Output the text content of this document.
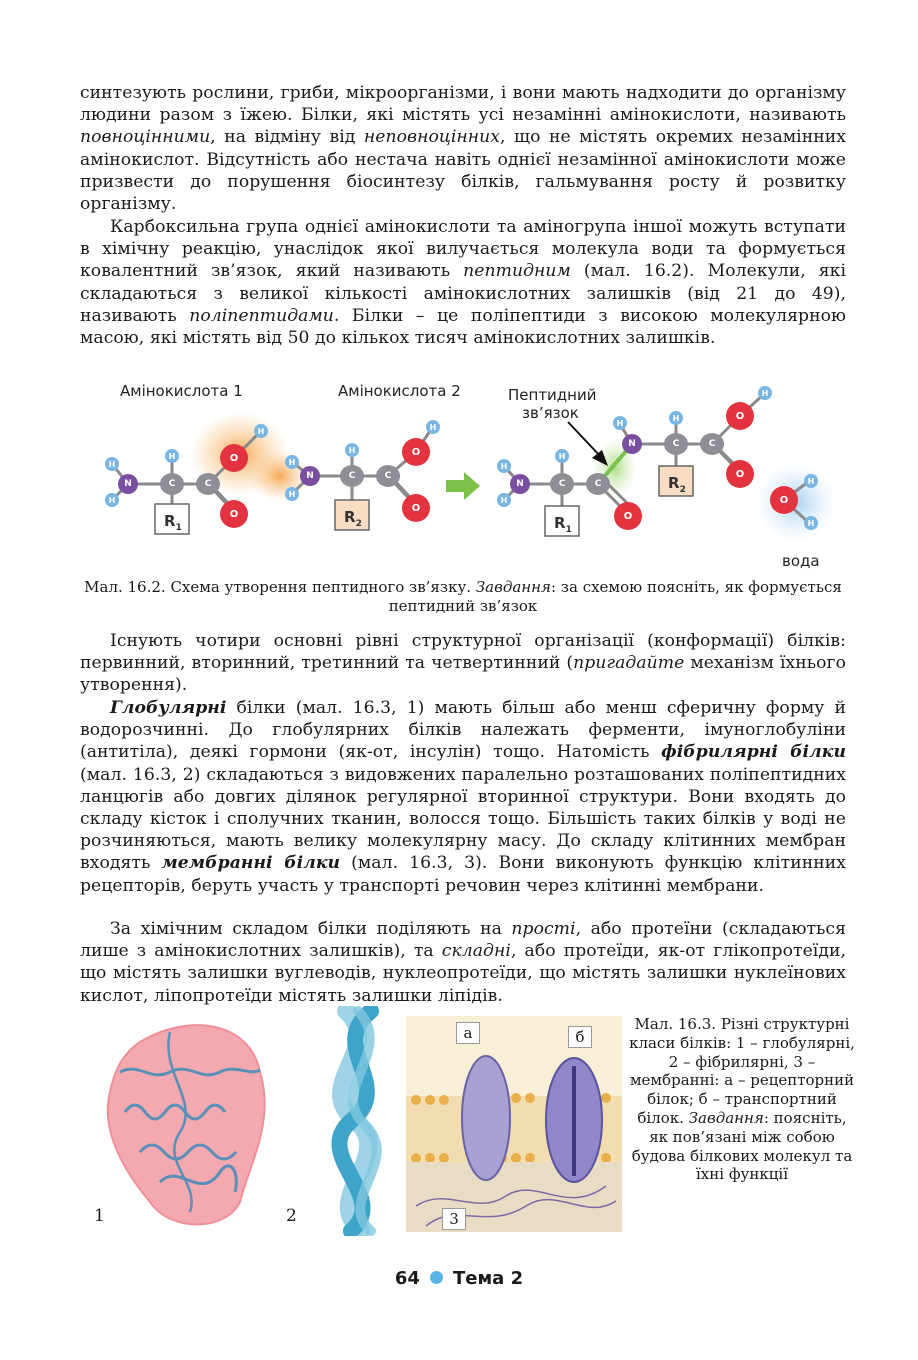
синтезують рослини, гриби, мікроорганізми, і вони мають надходити до організму людини разом з їжею. Білки, які містять усі незамінні амінокислоти, називають повноцінними, на відміну від неповноцінних, що не містять окремих незамінних амінокислот. Відсутність або нестача навіть однієї незамінної амінокислоти може призвести до порушення біосинтезу білків, гальмування росту й розвитку організму.

Карбоксильна група однієї амінокислоти та аміногрупа іншої можуть вступати в хімічну реакцію, унаслідок якої вилучається молекула води та формується ковалентний зв’язок, який називають пептидним (мал. 16.2). Молекули, які складаються з великої кількості амінокислотних залишків (від 21 до 49), називають поліпептидами. Білки – це поліпептиди з високою молекулярною масою, які містять від 50 до кількох тисяч амінокислотних залишків.

Амінокислота 1	Амінокислота 2	Пептидний
зв’язок
вода
$R_1$
$R_2$	$R_1$
$R_2$
H
H
N	C
H
C
O
O
H
H
H
N	C
H
C
O
O
H
H
H
N	C
H
C
O
N
H
C
H
C
O
O
H
O
H
H

Мал. 16.2. Схема утворення пептидного зв’язку. Завдання: за схемою поясніть, як формується пептидний зв’язок

Існують чотири основні рівні структурної організації (конформації) білків: первинний, вторинний, третинний та четвертинний (пригадайте механізм їхнього утворення).

Глобулярні білки (мал. 16.3, 1) мають більш або менш сферичну форму й водорозчинні. До глобулярних білків належать ферменти, імуноглобуліни (антитіла), деякі гормони (як-от, інсулін) тощо. Натомість фібрилярні білки (мал. 16.3, 2) складаються з видовжених паралельно розташованих поліпептидних ланцюгів або довгих ділянок регулярної вторинної структури. Вони входять до складу кісток і сполучних тканин, волосся тощо. Більшість таких білків у воді не розчиняються, мають велику молекулярну масу. До складу клітинних мембран входять мембранні білки (мал. 16.3, 3). Вони виконують функцію клітинних рецепторів, беруть участь у транспорті речовин через клітинні мембрани.

За хімічним складом білки поділяють на прості, або протеїни (складаються лише з амінокислотних залишків), та складні, або протеїди, як-от глікопротеїди, що містять залишки вуглеводів, нуклеопротеїди, що містять залишки нуклеїнових кислот, ліпопротеїди містять залишки ліпідів.

1	2
а	б
3

Мал. 16.3. Різні структурні класи білків: 1 – глобулярні, 2 – фібрилярні, 3 – мембранні: а – рецепторний білок; б – транспортний білок. Завдання: поясніть, як пов’язані між собою будова білкових молекул та їхні функції

64 Тема 2
